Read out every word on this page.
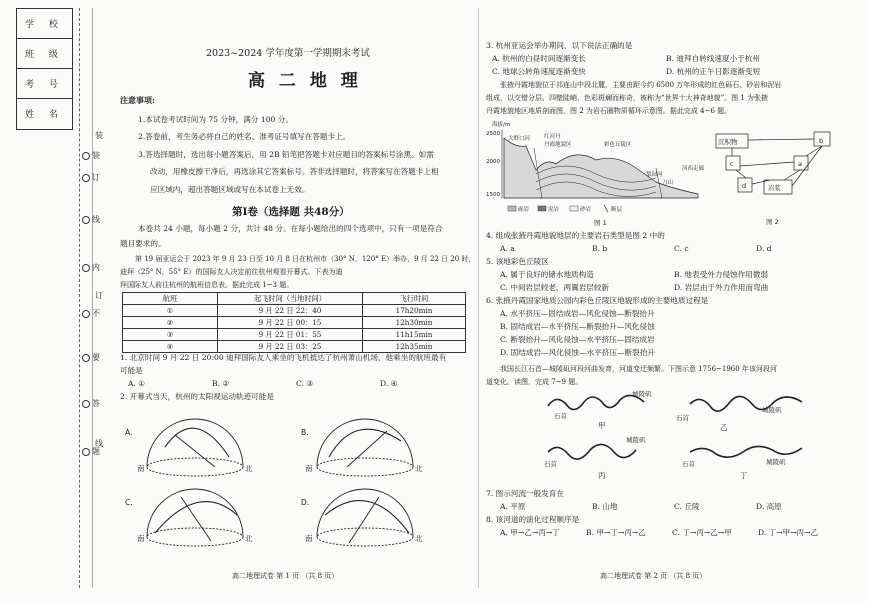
学 校
班 级
考 号
姓 名
装
订
线
内
不
要
答
题
装
订
线
2023~2024 学年度第一学期期末考试
高 二 地 理
注意事项:
1.本试卷考试时间为 75 分钟，满分 100 分。
2.答卷前，考生务必将自己的姓名、准考证号填写在答题卡上。
3.答选择题时，选出每小题答案后，用 2B 铅笔把答题卡对应题目的答案标号涂黑。如需
改动，用橡皮擦干净后，再选涂其它答案标号。答非选择题时，将答案写在答题卡上相
应区域内，超出答题区域或写在本试卷上无效。
第Ⅰ卷（选择题 共48分）
本卷共 24 小题，每小题 2 分，共计 48 分。在每小题给出的四个选项中，只有一项是符合
题目要求的。
第 19 届亚运会于 2023 年 9 月 23 日至 10 月 8 日在杭州市（30° N，120° E）举办，9 月 22 日 20 时，
迪拜（25° N，55° E）的国际友人决定前往杭州观看开幕式。下表为迪
拜国际友人前往杭州的航班信息表。据此完成 1~3 题。
航班	起飞时间（当地时间）	飞行时间
①	9 月 22 日 22：40	17h20min
②	9 月 22 日 00：15	12h30min
③	9 月 22 日 01：55	11h15min
④	9 月 22 日 03：25	12h35min
1. 北京时间 9 月 22 日 20:00 迪拜国际友人乘坐的飞机抵达了杭州萧山机场，他乘坐的航班最有
可能是
A. ①	B. ②	C. ③	D. ④
2. 开幕式当天，杭州的太阳视运动轨迹可能是
A.	B.
C.	D.
南	北	南	北
南	北	南	北
高二地理试卷 第 1 页 （共 8 页）
3. 杭州亚运会举办期间，以下说法正确的是
A. 杭州的白昼时间逐渐变长	B. 迪拜自转线速度小于杭州
C. 地球公转角速度逐渐变快	D. 杭州的正午日影逐渐变短
张掖丹霞地貌位于祁连山中段北麓，主要由距今约 6500 万年形成的红色砾石、砂岩和泥岩
组成，以交错分层、四壁陡峭、色彩斑斓而称奇，被称为“世界十大神奇地貌”。图 1 为张掖
丹霞地貌地区地质剖面图，图 2 为岩石圈物质循环示意图。据此完成 4~6 题。
海拔/m
2500
2000
1500
大野口河	红河丹
丹霞地貌区	彩色丘陵区
梨园河
刀山
河西走廊
砾岩	泥岩	砂岩	断层
图 1
沉积物	b
c	a
d	岩浆
图 2
4. 组成张掖丹霞地貌地层的主要岩石类型是图 2 中的
A. a	B. b	C. c	D. d
5. 该地彩色丘陵区
A. 属于良好的储水地质构造	B. 地表受外力侵蚀作用微弱
C. 中间岩层较老，两翼岩层较新	D. 岩层由于外力作用而弯曲
6. 张掖丹霞国家地质公园内彩色丘陵区地貌形成的主要地质过程是
A. 水平挤压—固结成岩—风化侵蚀—断裂抬升
B. 固结成岩—水平挤压—断裂抬升—风化侵蚀
C. 断裂抬升—风化侵蚀—水平挤压—固结成岩
D. 固结成岩—风化侵蚀—水平挤压—断裂抬升
我国长江石首—城陵矶河段河曲发育，河道变迁频繁。下图示意 1756~1960 年该河段河
道变化。读图，完成 7~9 题。
石首
城陵矶
甲
石首
城陵矶
乙
石首
城陵矶
丙
石首	城陵矶
丁
7. 图示河流一般发育在
A. 平原	B. 山地	C. 丘陵	D. 高原
8. 该河道的演化过程顺序是
A. 甲→乙→丙→丁	B. 甲→丁→丙→乙	C. 丁→丙→乙→甲	D. 丁→甲→丙→乙
高二地理试卷 第 2 页 （共 8 页）
